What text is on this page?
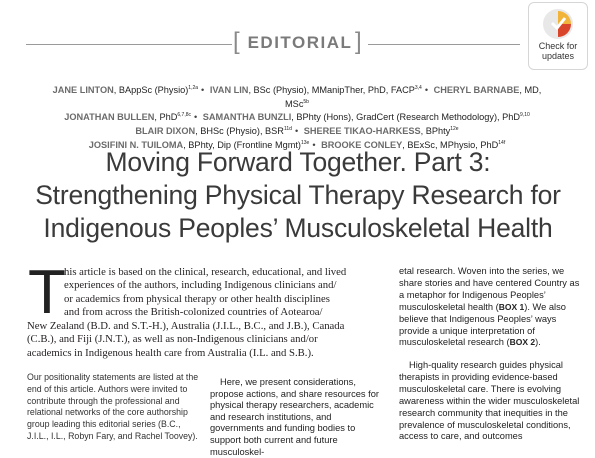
[	]
EDITORIAL	Check for
updates
JANE LINTON, BAppSc (Physio)$^{1,2a}$ • IVAN LIN, BSc (Physio), MManipTher, PhD, FACP$^{3,4}$ • CHERYL BARNABE, MD, MSc$^{5b}$
JONATHAN BULLEN, PhD$^{6,7,8c}$ • SAMANTHA BUNZLI, BPhty (Hons), GradCert (Research Methodology), PhD$^{9,10}$
BLAIR DIXON, BHSc (Physio), $BSR^{11d}$ • SHEREE TIKAO-HARKESS, BPhty$^{12e}$
JOSIFINI N. TUILOMA, BPhty, Dip (Frontline Mgmt)$^{13e}$ • BROOKE CONLEY, BExSc, MPhysio, PhD$^{14f}$
Moving Forward Together. Part 3:
Strengthening Physical Therapy Research for
Indigenous Peoples’ Musculoskeletal Health
T
his article is based on the clinical, research, educational, and lived
experiences of the authors, including Indigenous clinicians and/
or academics from physical therapy or other health disciplines
and from across the British-colonized countries of Aotearoa/
New Zealand (B.D. and S.T.-H.), Australia (J.I.L., B.C., and J.B.), Canada
(C.B.), and Fiji (J.N.T.), as well as non-Indigenous clinicians and/or
academics in Indigenous health care from Australia (I.L. and S.B.).
Our positionality statements are listed at the end of this article. Authors were invited to contribute through the professional and relational networks of the core authorship group leading this editorial series (B.C., J.I.L., I.L., Robyn Fary, and Rachel Toovey).
Here, we present considerations, propose actions, and share resources for physical therapy researchers, academic and research institutions, and governments and funding bodies to support both current and future musculoskel-
etal research. Woven into the series, we share stories and have centered Country as a metaphor for Indigenous Peoples’ musculoskeletal health (BOX 1). We also believe that Indigenous Peoples’ ways provide a unique interpretation of musculoskeletal research (BOX 2).
High-quality research guides physical therapists in providing evidence-based musculoskeletal care. There is evolving awareness within the wider musculoskeletal research community that inequities in the prevalence of musculoskeletal conditions, access to care, and outcomes
